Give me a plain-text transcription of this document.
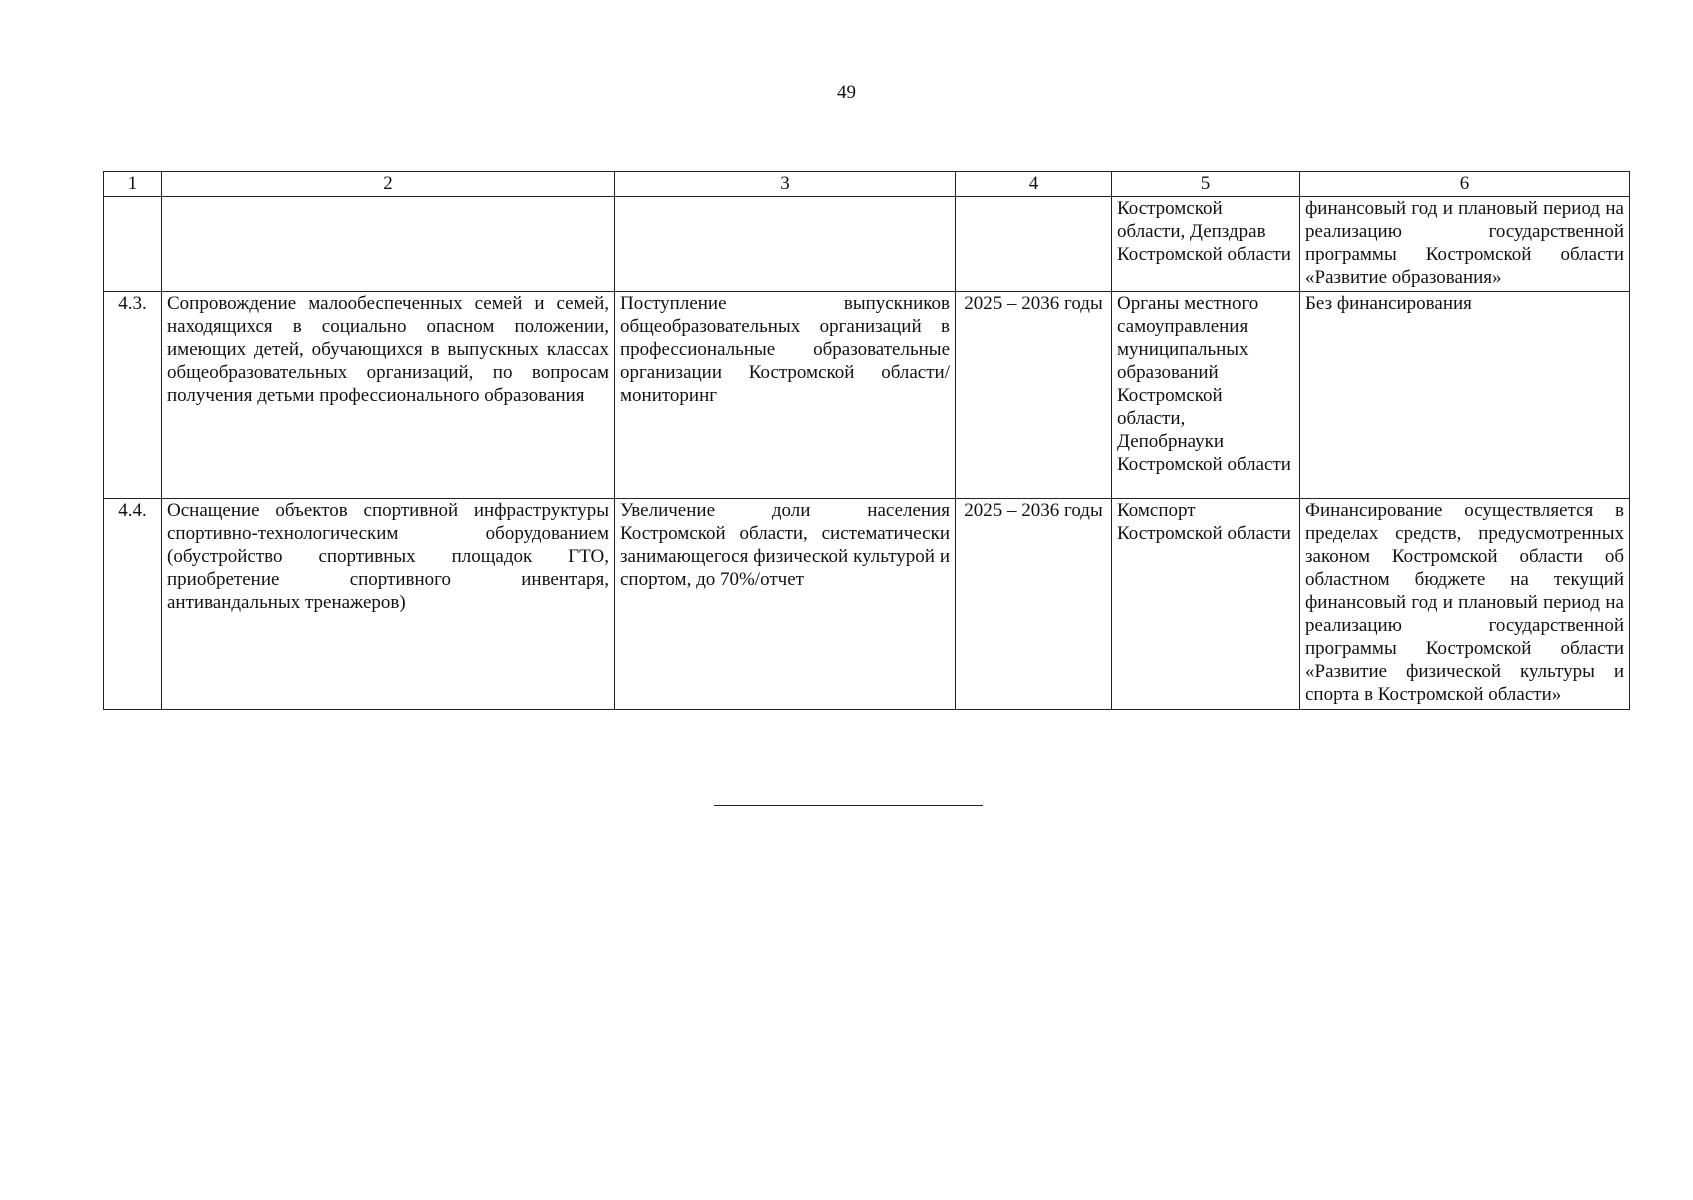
49
1	2	3	4	5	6
				Костромской области, Депздрав Костромской области	финансовый год и плановый период на реализацию государственной программы Костромской области «Развитие образования»
4.3.	Сопровождение малообеспеченных семей и семей, находящихся в социально опасном положении, имеющих детей, обучающихся в выпускных классах общеобразовательных организаций, по вопросам получения детьми профессионального образования	Поступление выпускников общеобразовательных организаций в профессиональные образовательные организации Костромской области/мониторинг	2025 – 2036 годы	Органы местного самоуправления муниципальных образований Костромской области, Депобрнауки Костромской области	Без финансирования
4.4.	Оснащение объектов спортивной инфраструктуры спортивно-технологическим оборудованием (обустройство спортивных площадок ГТО, приобретение спортивного инвентаря, антивандальных тренажеров)	Увеличение доли населения Костромской области, систематически занимающегося физической культурой и спортом, до 70%/отчет	2025 – 2036 годы	Комспорт Костромской области	Финансирование осуществляется в пределах средств, предусмотренных законом Костромской области об областном бюджете на текущий финансовый год и плановый период на реализацию государственной программы Костромской области «Развитие физической культуры и спорта в Костромской области»
